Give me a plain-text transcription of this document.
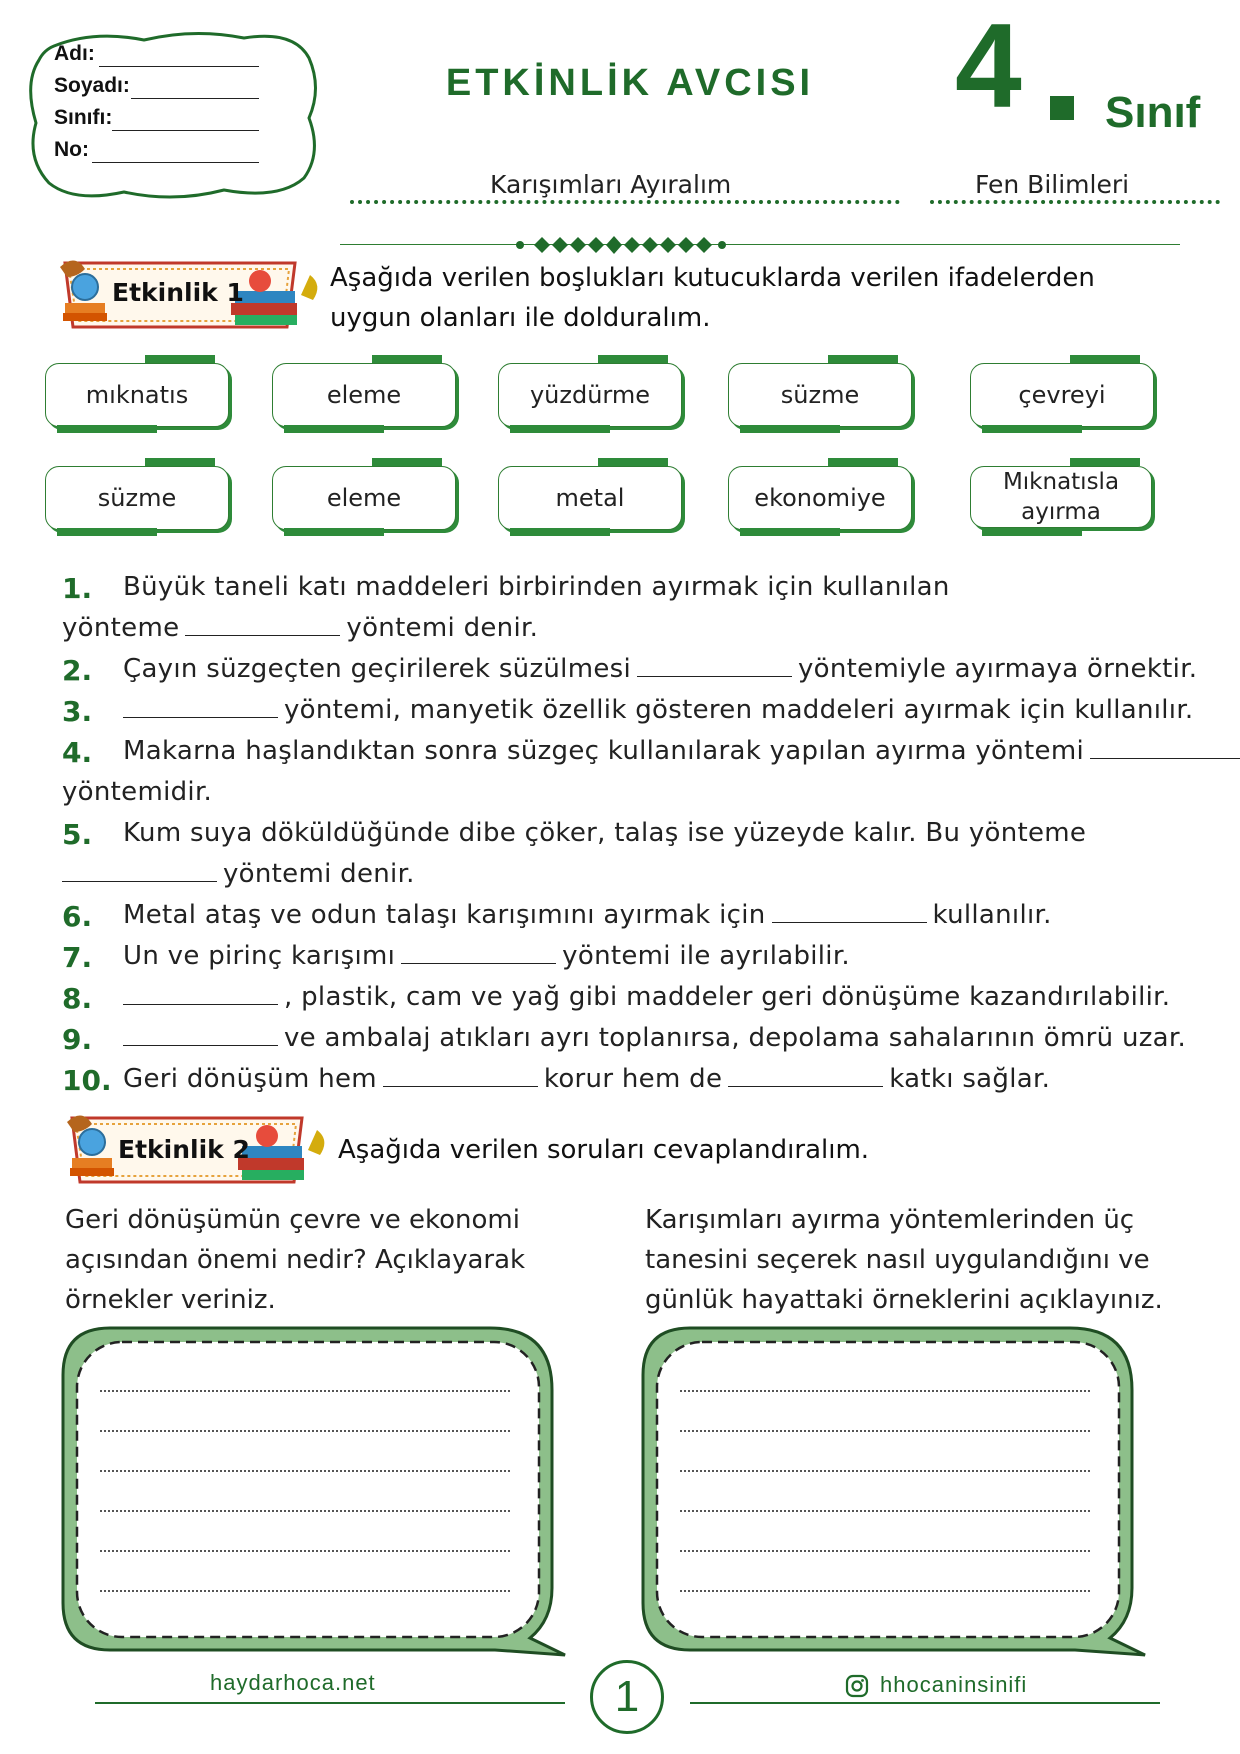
Adı:
Soyadı:
Sınıfı:
No:
ETKİNLİK AVCISI 4 Sınıf
Karışımları Ayıralım	Fen Bilimleri
Etkinlik 1	Aşağıda verilen boşlukları kutucuklarda verilen ifadelerden uygun olanları ile dolduralım.
mıknatıs	eleme	yüzdürme	süzme	çevreyi
süzme	eleme	metal	ekonomiye
Mıknatısla ayırma
1. Büyük taneli katı maddeleri birbirinden ayırmak için kullanılan
yönteme	yöntemi denir.
2. Çayın süzgeçten geçirilerek süzülmesi	yöntemiyle ayırmaya örnektir.
3.	yöntemi, manyetik özellik gösteren maddeleri ayırmak için kullanılır.
4. Makarna haşlandıktan sonra süzgeç kullanılarak yapılan ayırma yöntemi
yöntemidir.
5. Kum suya döküldüğünde dibe çöker, talaş ise yüzeyde kalır. Bu yönteme
yöntemi denir.
6. Metal ataş ve odun talaşı karışımını ayırmak için	kullanılır.
7. Un ve pirinç karışımı	yöntemi ile ayrılabilir.
8.	, plastik, cam ve yağ gibi maddeler geri dönüşüme kazandırılabilir.
9.	ve ambalaj atıkları ayrı toplanırsa, depolama sahalarının ömrü uzar.
10. Geri dönüşüm hem	korur hem de	katkı sağlar.
Etkinlik 2	Aşağıda verilen soruları cevaplandıralım.
Geri dönüşümün çevre ve ekonomi
açısından önemi nedir? Açıklayarak
örnekler veriniz.
Karışımları ayırma yöntemlerinden üç
tanesini seçerek nasıl uygulandığını ve
günlük hayattaki örneklerini açıklayınız.
haydarhoca.net	1	hhocaninsinifi
